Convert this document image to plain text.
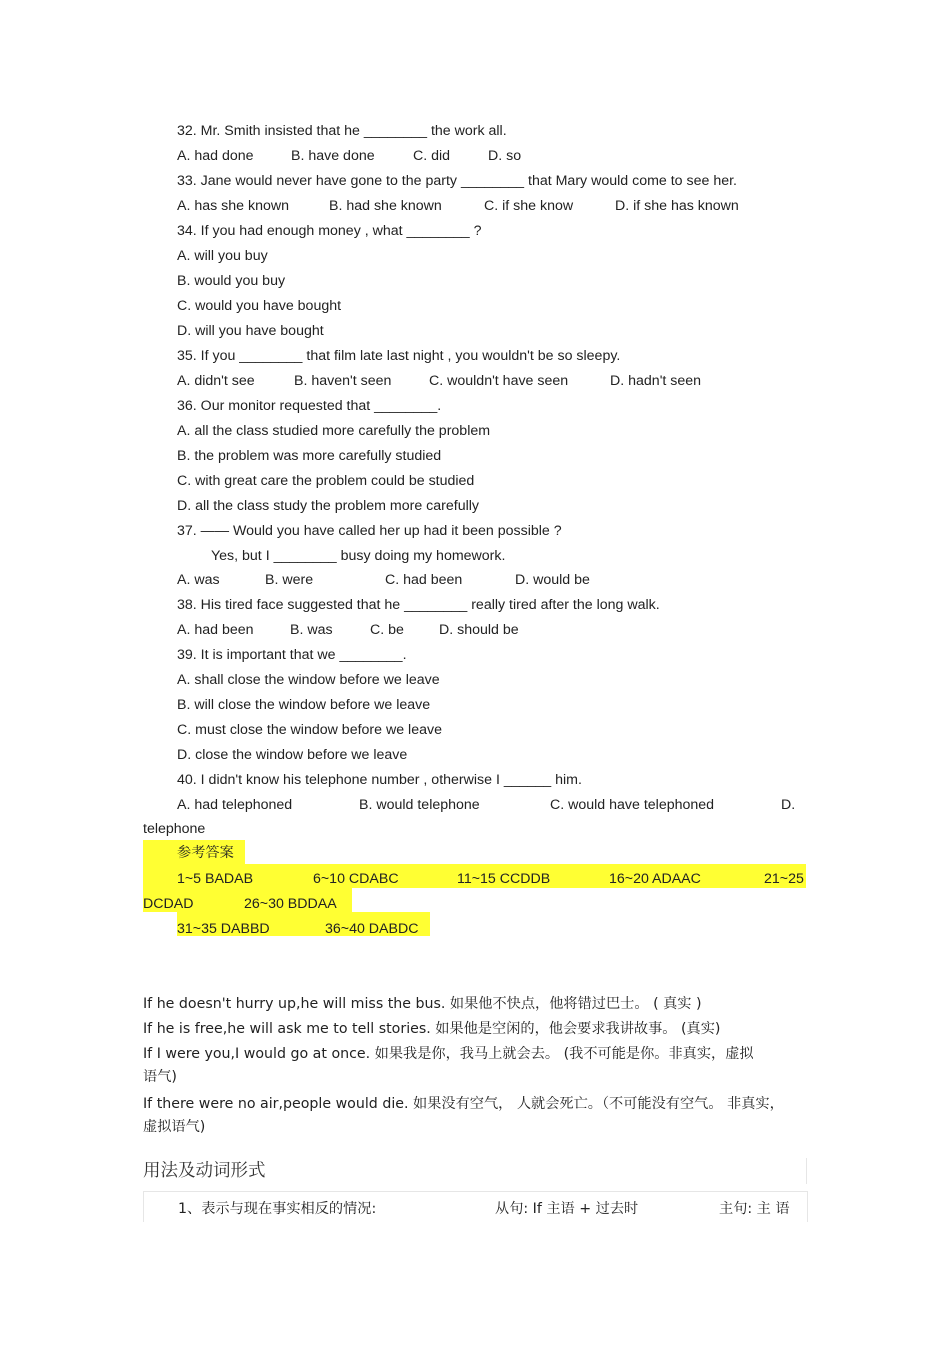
32. Mr. Smith insisted that he ________ the work all.
A. had done	B. have done	C. did	D. so
33. Jane would never have gone to the party ________ that Mary would come to see her.
A. has she known	B. had she known	C. if she know	D. if she has known
34. If you had enough money , what ________ ?
A. will you buy
B. would you buy
C. would you have bought
D. will you have bought
35. If you ________ that film late last night , you wouldn't be so sleepy.
A. didn't see	B. haven't seen	C. wouldn't have seen	D. hadn't seen
36. Our monitor requested that ________.
A. all the class studied more carefully the problem
B. the problem was more carefully studied
C. with great care the problem could be studied
D. all the class study the problem more carefully
37. —— Would you have called her up had it been possible ?
Yes, but I ________ busy doing my homework.
A. was	B. were	C. had been	D. would be
38. His tired face suggested that he ________ really tired after the long walk.
A. had been	B. was	C. be D. should be
39. It is important that we ________.
A. shall close the window before we leave
B. will close the window before we leave
C. must close the window before we leave
D. close the window before we leave
40. I didn't know his telephone number , otherwise I ______ him.
A. had telephoned	B. would telephone	C. would have telephoned	D.
telephone
参考答案
1~5 BADAB	6~10 CDABC	11~15 CCDDB	16~20 ADAAC	21~25
DCDAD	26~30 BDDAA
31~35 DABBD	36~40 DABDC
If he doesn't hurry up,he will miss the bus. 如果他不快点，他将错过巴士。 ( 真实 )
If he is free,he will ask me to tell stories. 如果他是空闲的，他会要求我讲故事。 (真实)
If I were you,I would go at once. 如果我是你，我马上就会去。 (我不可能是你。非真实，虚拟
语气)
If there were no air,people would die. 如果没有空气， 人就会死亡。（不可能没有空气。 非真实，
虚拟语气)
用法及动词形式
1、表示与现在事实相反的情况:	从句: If 主语 + 过去时	主句: 主 语
